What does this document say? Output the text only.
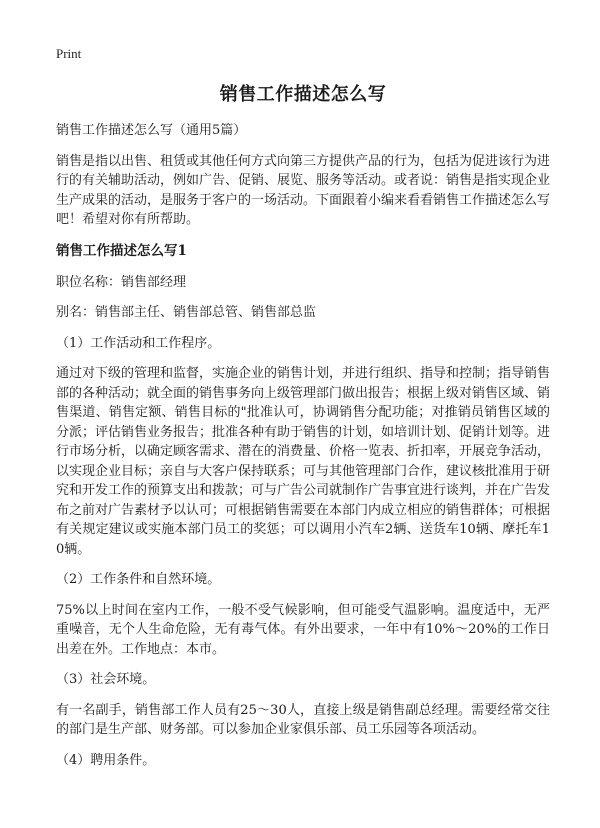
Print
销售工作描述怎么写

销售工作描述怎么写（通用5篇）

销售是指以出售、租赁或其他任何方式向第三方提供产品的行为，包括为促进该行为进行的有关辅助活动，例如广告、促销、展览、服务等活动。或者说：销售是指实现企业生产成果的活动，是服务于客户的一场活动。下面跟着小编来看看销售工作描述怎么写吧！希望对你有所帮助。

销售工作描述怎么写1

职位名称：销售部经理

别名：销售部主任、销售部总管、销售部总监

（1）工作活动和工作程序。

通过对下级的管理和监督，实施企业的销售计划，并进行组织、指导和控制；指导销售部的各种活动；就全面的销售事务向上级管理部门做出报告；根据上级对销售区域、销售渠道、销售定额、销售目标的"批准认可，协调销售分配功能；对推销员销售区域的分派；评估销售业务报告；批准各种有助于销售的计划，如培训计划、促销计划等。进行市场分析，以确定顾客需求、潜在的消费量、价格一览表、折扣率，开展竞争活动，以实现企业目标；亲自与大客户保持联系；可与其他管理部门合作，建议核批准用于研究和开发工作的预算支出和拨款；可与广告公司就制作广告事宜进行谈判，并在广告发布之前对广告素材予以认可；可根据销售需要在本部门内成立相应的销售群体；可根据有关规定建议或实施本部门员工的奖惩；可以调用小汽车2辆、送货车10辆、摩托车10辆。

（2）工作条件和自然环境。

75%以上时间在室内工作，一般不受气候影响，但可能受气温影响。温度适中，无严重噪音，无个人生命危险，无有毒气体。有外出要求，一年中有10%～20%的工作日出差在外。工作地点：本市。

（3）社会环境。

有一名副手，销售部工作人员有25～30人，直接上级是销售副总经理。需要经常交往的部门是生产部、财务部。可以参加企业家俱乐部、员工乐园等各项活动。

（4）聘用条件。
